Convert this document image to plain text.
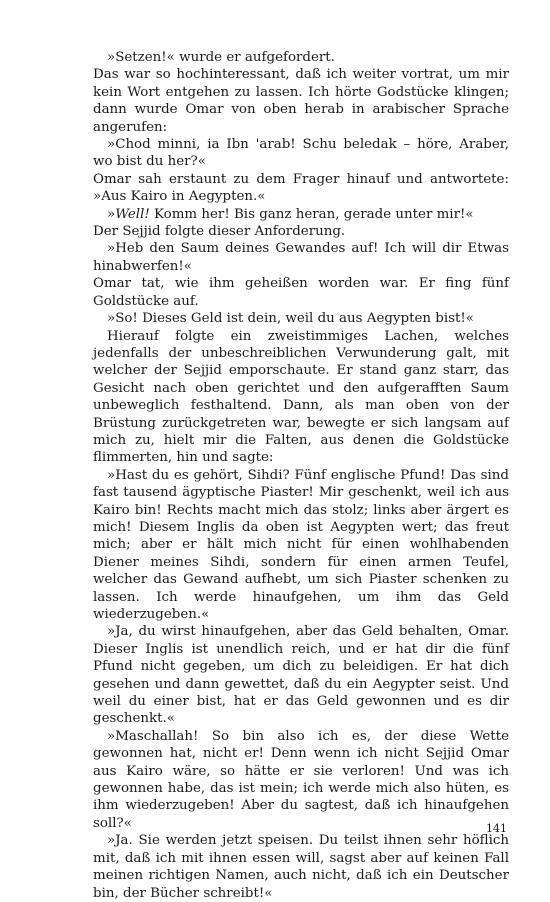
»Setzen!« wurde er aufgefordert.

Das war so hochinteressant, daß ich weiter vortrat, um mir kein Wort entgehen zu lassen. Ich hörte Godstücke klingen; dann wurde Omar von oben herab in arabischer Sprache angerufen:

»Chod minni, ia Ibn 'arab! Schu beledak – höre, Araber, wo bist du her?«

Omar sah erstaunt zu dem Frager hinauf und antwortete: »Aus Kairo in Aegypten.«

»Well! Komm her! Bis ganz heran, gerade unter mir!«

Der Sejjid folgte dieser Anforderung.

»Heb den Saum deines Gewandes auf! Ich will dir Etwas hinabwerfen!«

Omar tat, wie ihm geheißen worden war. Er fing fünf Goldstücke auf.

»So! Dieses Geld ist dein, weil du aus Aegypten bist!«

Hierauf folgte ein zweistimmiges Lachen, welches jedenfalls der unbeschreiblichen Verwunderung galt, mit welcher der Sejjid emporschaute. Er stand ganz starr, das Gesicht nach oben gerichtet und den aufgerafften Saum unbeweglich festhaltend. Dann, als man oben von der Brüstung zurückgetreten war, bewegte er sich langsam auf mich zu, hielt mir die Falten, aus denen die Goldstücke flimmerten, hin und sagte:

»Hast du es gehört, Sihdi? Fünf englische Pfund! Das sind fast tausend ägyptische Piaster! Mir geschenkt, weil ich aus Kairo bin! Rechts macht mich das stolz; links aber ärgert es mich! Diesem Inglis da oben ist Aegypten wert; das freut mich; aber er hält mich nicht für einen wohlhabenden Diener meines Sihdi, sondern für einen armen Teufel, welcher das Gewand aufhebt, um sich Piaster schenken zu lassen. Ich werde hinaufgehen, um ihm das Geld wiederzugeben.«

»Ja, du wirst hinaufgehen, aber das Geld behalten, Omar. Dieser Inglis ist unendlich reich, und er hat dir die fünf Pfund nicht gegeben, um dich zu beleidigen. Er hat dich gesehen und dann gewettet, daß du ein Aegypter seist. Und weil du einer bist, hat er das Geld gewonnen und es dir geschenkt.«

»Maschallah! So bin also ich es, der diese Wette gewonnen hat, nicht er! Denn wenn ich nicht Sejjid Omar aus Kairo wäre, so hätte er sie verloren! Und was ich gewonnen habe, das ist mein; ich werde mich also hüten, es ihm wiederzugeben! Aber du sagtest, daß ich hinaufgehen soll?«

»Ja. Sie werden jetzt speisen. Du teilst ihnen sehr höflich mit, daß ich mit ihnen essen will, sagst aber auf keinen Fall meinen richtigen Namen, auch nicht, daß ich ein Deutscher bin, der Bücher schreibt!«

141
